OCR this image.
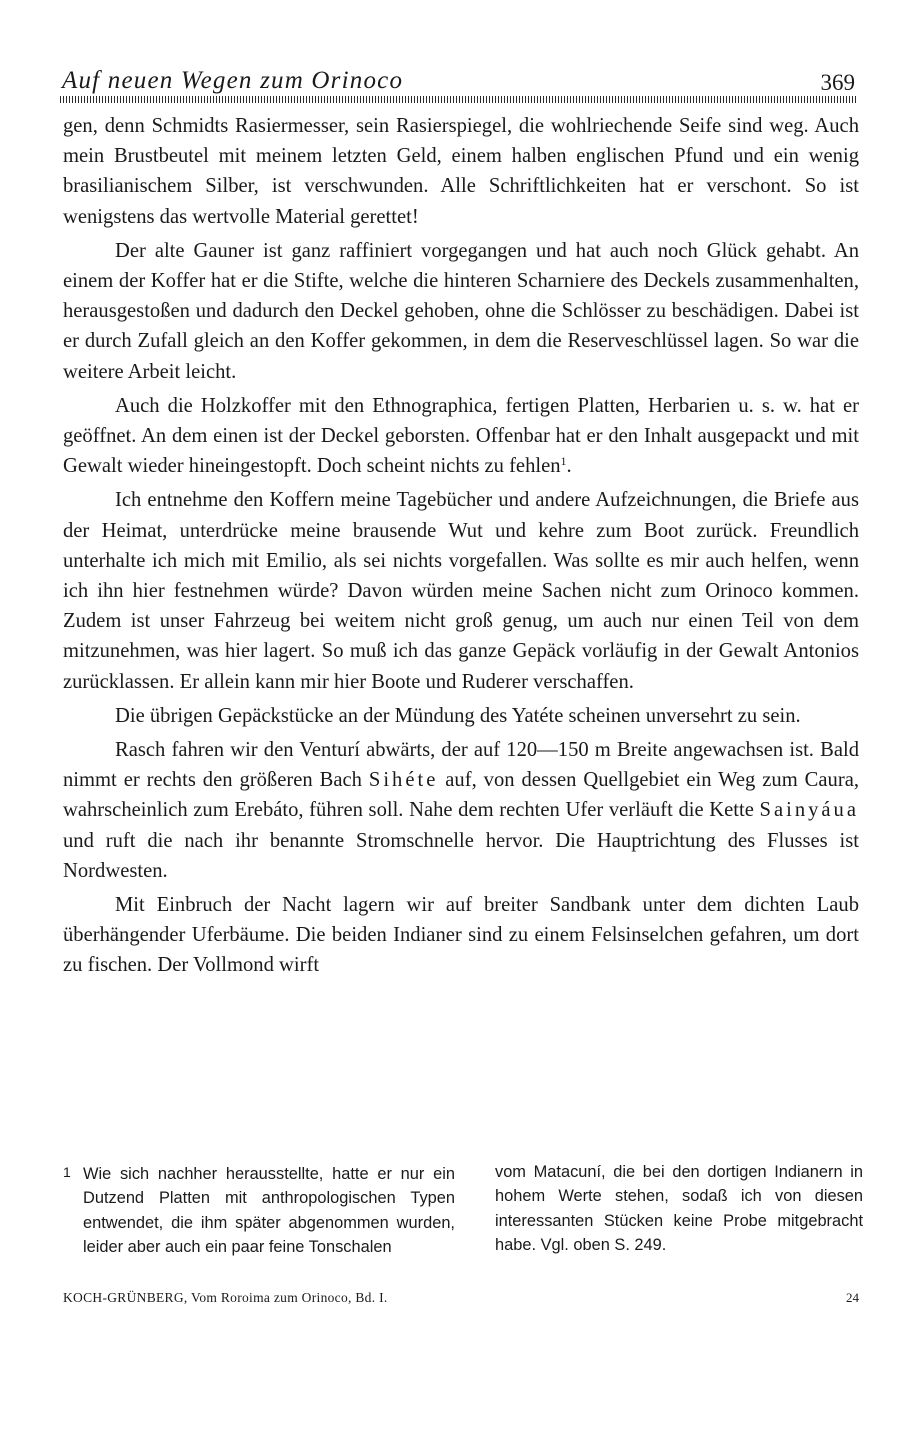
Auf neuen Wegen zum Orinoco	369

gen, denn Schmidts Rasiermesser, sein Rasierspiegel, die wohlriechende Seife sind weg. Auch mein Brustbeutel mit meinem letzten Geld, einem halben englischen Pfund und ein wenig brasilianischem Silber, ist verschwunden. Alle Schriftlichkeiten hat er verschont. So ist wenigstens das wertvolle Material gerettet!

Der alte Gauner ist ganz raffiniert vorgegangen und hat auch noch Glück gehabt. An einem der Koffer hat er die Stifte, welche die hinteren Scharniere des Deckels zusammenhalten, herausgestoßen und dadurch den Deckel gehoben, ohne die Schlösser zu beschädigen. Dabei ist er durch Zufall gleich an den Koffer gekommen, in dem die Reserveschlüssel lagen. So war die weitere Arbeit leicht.

Auch die Holzkoffer mit den Ethnographica, fertigen Platten, Herbarien u. s. w. hat er geöffnet. An dem einen ist der Deckel geborsten. Offenbar hat er den Inhalt ausgepackt und mit Gewalt wieder hineingestopft. Doch scheint nichts zu fehlen$^1$.

Ich entnehme den Koffern meine Tagebücher und andere Aufzeichnungen, die Briefe aus der Heimat, unterdrücke meine brausende Wut und kehre zum Boot zurück. Freundlich unterhalte ich mich mit Emilio, als sei nichts vorgefallen. Was sollte es mir auch helfen, wenn ich ihn hier festnehmen würde? Davon würden meine Sachen nicht zum Orinoco kommen. Zudem ist unser Fahrzeug bei weitem nicht groß genug, um auch nur einen Teil von dem mitzunehmen, was hier lagert. So muß ich das ganze Gepäck vorläufig in der Gewalt Antonios zurücklassen. Er allein kann mir hier Boote und Ruderer verschaffen.

Die übrigen Gepäckstücke an der Mündung des Yatéte scheinen unversehrt zu sein.

Rasch fahren wir den Venturí abwärts, der auf 120—150 m Breite angewachsen ist. Bald nimmt er rechts den größeren Bach Sihéte auf, von dessen Quellgebiet ein Weg zum Caura, wahrscheinlich zum Erebáto, führen soll. Nahe dem rechten Ufer verläuft die Kette Sainyáua und ruft die nach ihr benannte Stromschnelle hervor. Die Hauptrichtung des Flusses ist Nordwesten.

Mit Einbruch der Nacht lagern wir auf breiter Sandbank unter dem dichten Laub überhängender Uferbäume. Die beiden Indianer sind zu einem Felsinselchen gefahren, um dort zu fischen. Der Vollmond wirft

1 Wie sich nachher herausstellte, hatte er nur ein Dutzend Platten mit anthropologischen Typen entwendet, die ihm später abgenommen wurden, leider aber auch ein paar feine Tonschalen
vom Matacuní, die bei den dortigen Indianern in hohem Werte stehen, sodaß ich von diesen interessanten Stücken keine Probe mitgebracht habe. Vgl. oben S. 249.
KOCH-GRÜNBERG, Vom Roroima zum Orinoco, Bd. I.	24
